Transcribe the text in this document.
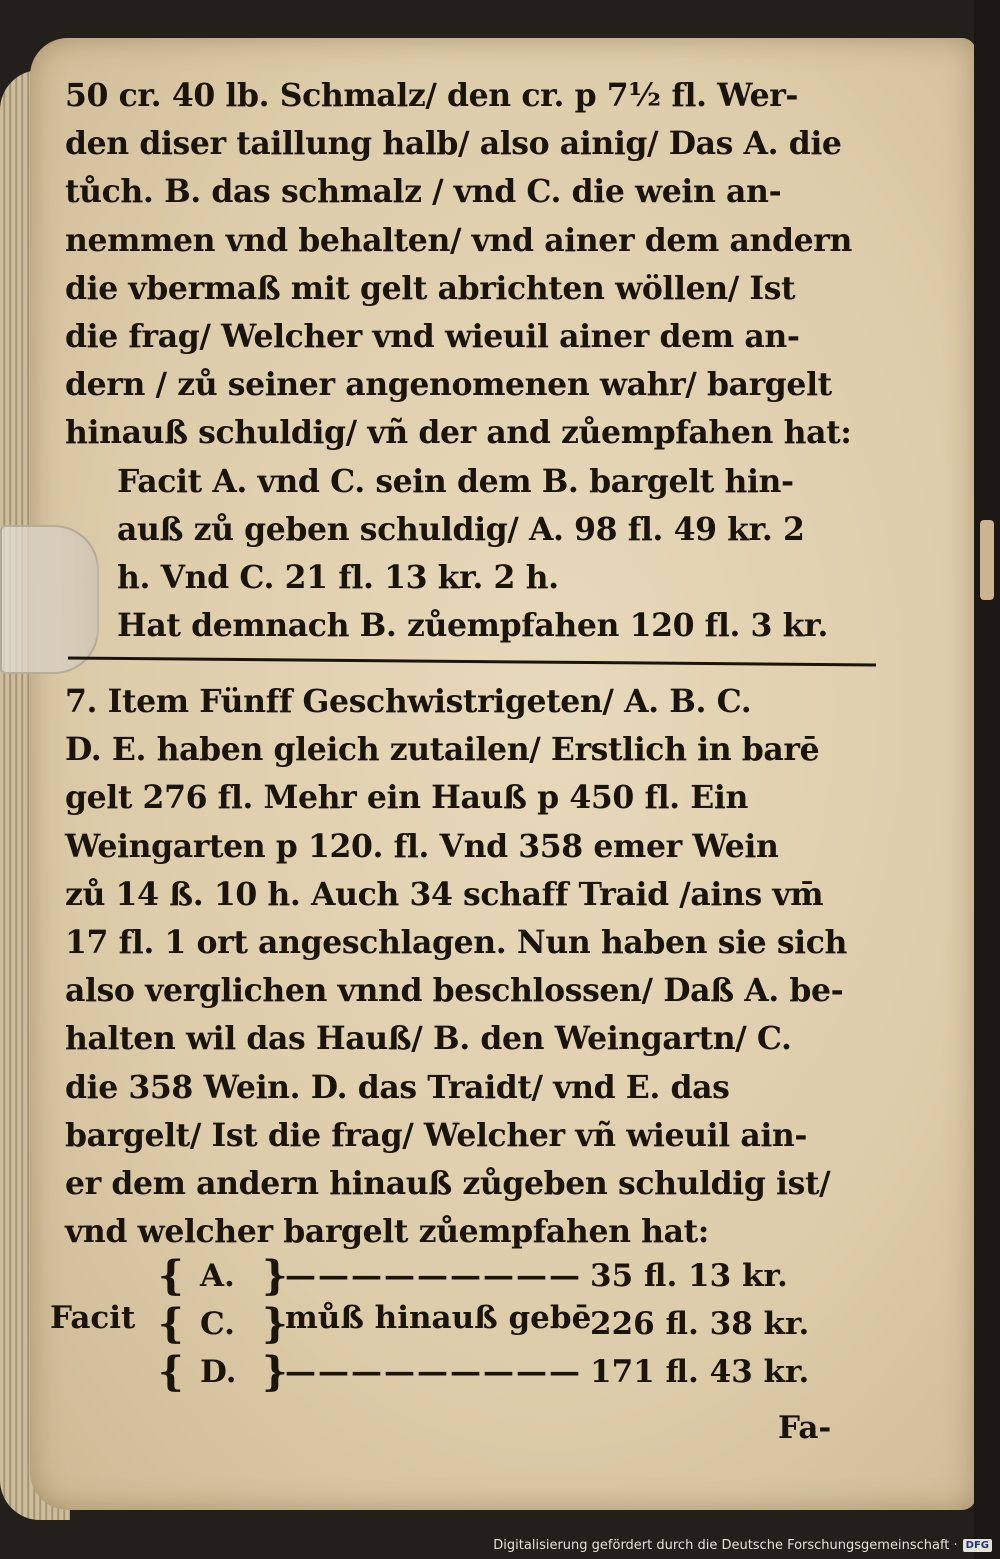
50 cr. 40 lb. Schmalz/ den cr. p 7½ fl. Wer-
den diser taillung halb/ also ainig/ Das A. die
tůch. B. das schmalz / vnd C. die wein an-
nemmen vnd behalten/ vnd ainer dem andern
die vbermaß mit gelt abrichten wöllen/ Ist
die frag/ Welcher vnd wieuil ainer dem an-
dern / zů seiner angenomenen wahr/ bargelt
hinauß schuldig/ vñ der and zůempfahen hat:
Facit A. vnd C. sein dem B. bargelt hin-
auß zů geben schuldig/ A. 98 fl. 49 kr. 2
h. Vnd C. 21 fl. 13 kr. 2 h.
Hat demnach B. zůempfahen 120 fl. 3 kr.
7. Item Fünff Geschwistrigeten/ A. B. C.
D. E. haben gleich zutailen/ Erstlich in barē
gelt 276 fl. Mehr ein Hauß p 450 fl. Ein
Weingarten p 120. fl. Vnd 358 emer Wein
zů 14 ß. 10 h. Auch 34 schaff Traid /ains vm̄
17 fl. 1 ort angeschlagen. Nun haben sie sich
also verglichen vnnd beschlossen/ Daß A. be-
halten wil das Hauß/ B. den Weingartn/ C.
die 358 Wein. D. das Traidt/ vnd E. das
bargelt/ Ist die frag/ Welcher vñ wieuil ain-
er dem andern hinauß zůgeben schuldig ist/
vnd welcher bargelt zůempfahen hat:
Facit
{
{
{
A.
C.
D.
}
}
}
—————————
můß hinauß gebē
—————————
35 fl. 13 kr.
226 fl. 38 kr.
171 fl. 43 kr.
Fa-
Digitalisierung gefördert durch die Deutsche Forschungsgemeinschaft · DFG
